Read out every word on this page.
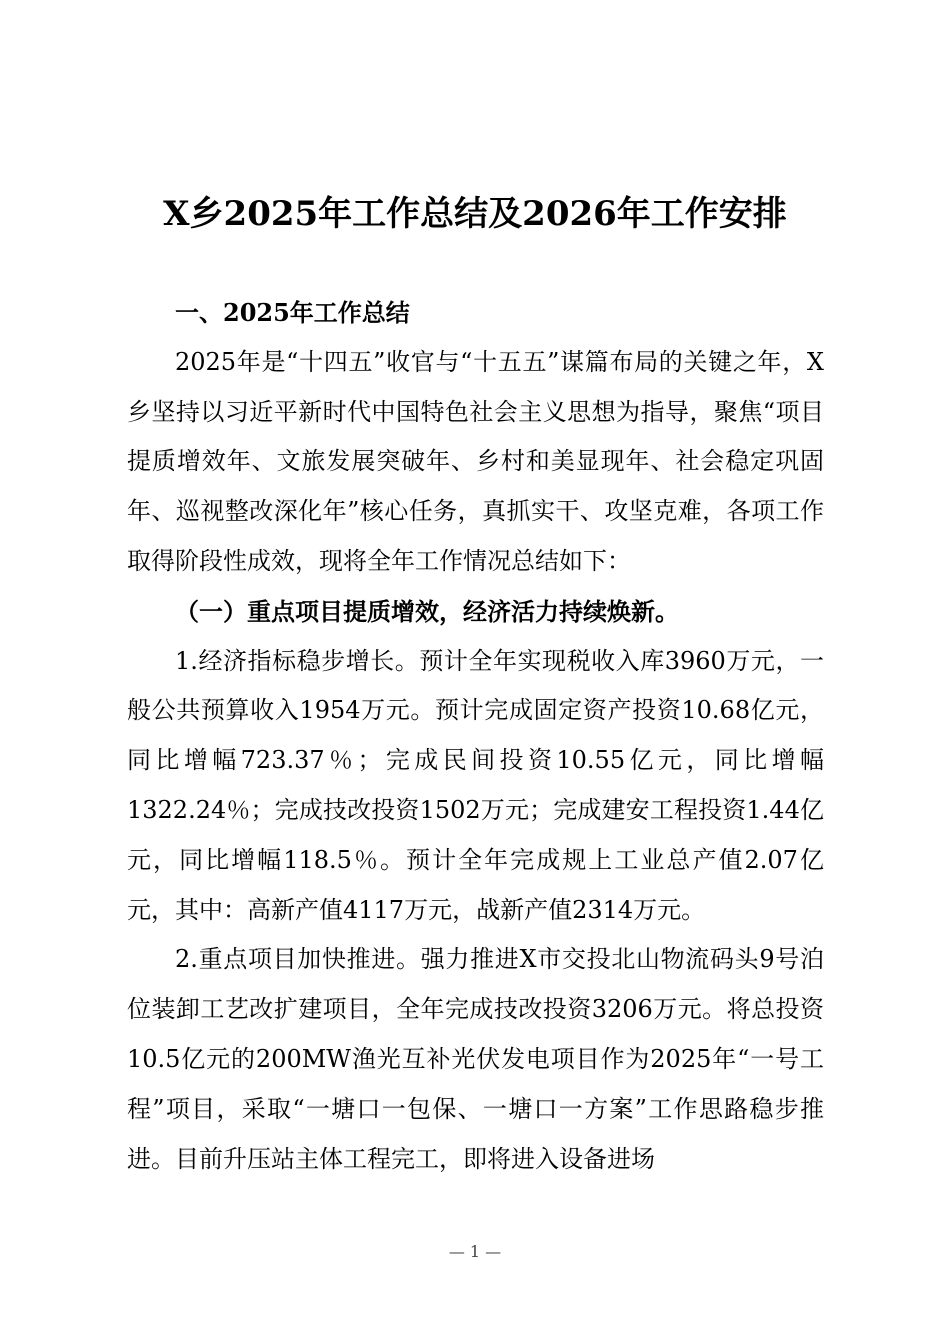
X乡2025年工作总结及2026年工作安排

一、2025年工作总结

2025年是“十四五”收官与“十五五”谋篇布局的关键之年，X乡坚持以习近平新时代中国特色社会主义思想为指导，聚焦“项目提质增效年、文旅发展突破年、乡村和美显现年、社会稳定巩固年、巡视整改深化年”核心任务，真抓实干、攻坚克难，各项工作取得阶段性成效，现将全年工作情况总结如下：

（一）重点项目提质增效，经济活力持续焕新。

1.经济指标稳步增长。预计全年实现税收入库3960万元，一般公共预算收入1954万元。预计完成固定资产投资10.68亿元，同比增幅723.37％；完成民间投资10.55亿元，同比增幅1322.24％；完成技改投资1502万元；完成建安工程投资1.44亿元，同比增幅118.5％。预计全年完成规上工业总产值2.07亿元，其中：高新产值4117万元，战新产值2314万元。

2.重点项目加快推进。强力推进X市交投北山物流码头9号泊位装卸工艺改扩建项目，全年完成技改投资3206万元。将总投资10.5亿元的200MW渔光互补光伏发电项目作为2025年“一号工程”项目，采取“一塘口一包保、一塘口一方案”工作思路稳步推进。目前升压站主体工程完工，即将进入设备进场

— 1 —
